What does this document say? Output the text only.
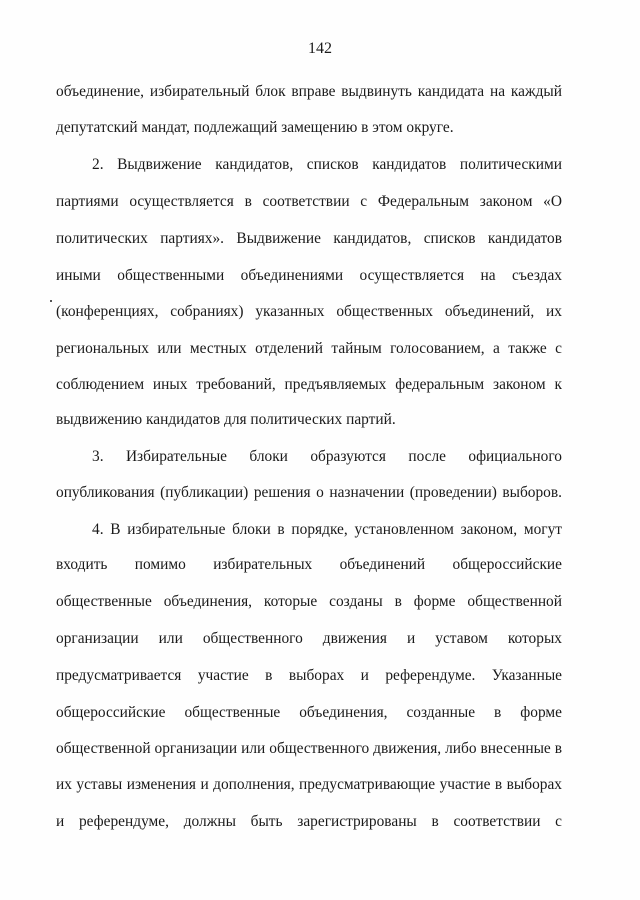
142
объединение, избирательный блок вправе выдвинуть кандидата на каждый
депутатский мандат, подлежащий замещению в этом округе.
2. Выдвижение кандидатов, списков кандидатов политическими
партиями осуществляется в соответствии с Федеральным законом «О
политических партиях». Выдвижение кандидатов, списков кандидатов
иными общественными объединениями осуществляется на съездах
(конференциях, собраниях) указанных общественных объединений, их
региональных или местных отделений тайным голосованием, а также с
соблюдением иных требований, предъявляемых федеральным законом к
выдвижению кандидатов для политических партий.
3. Избирательные блоки образуются после официального
опубликования (публикации) решения о назначении (проведении) выборов.
4. В избирательные блоки в порядке, установленном законом, могут
входить помимо избирательных объединений общероссийские
общественные объединения, которые созданы в форме общественной
организации или общественного движения и уставом которых
предусматривается участие в выборах и референдуме. Указанные
общероссийские общественные объединения, созданные в форме
общественной организации или общественного движения, либо внесенные в
их уставы изменения и дополнения, предусматривающие участие в выборах
и референдуме, должны быть зарегистрированы в соответствии с
